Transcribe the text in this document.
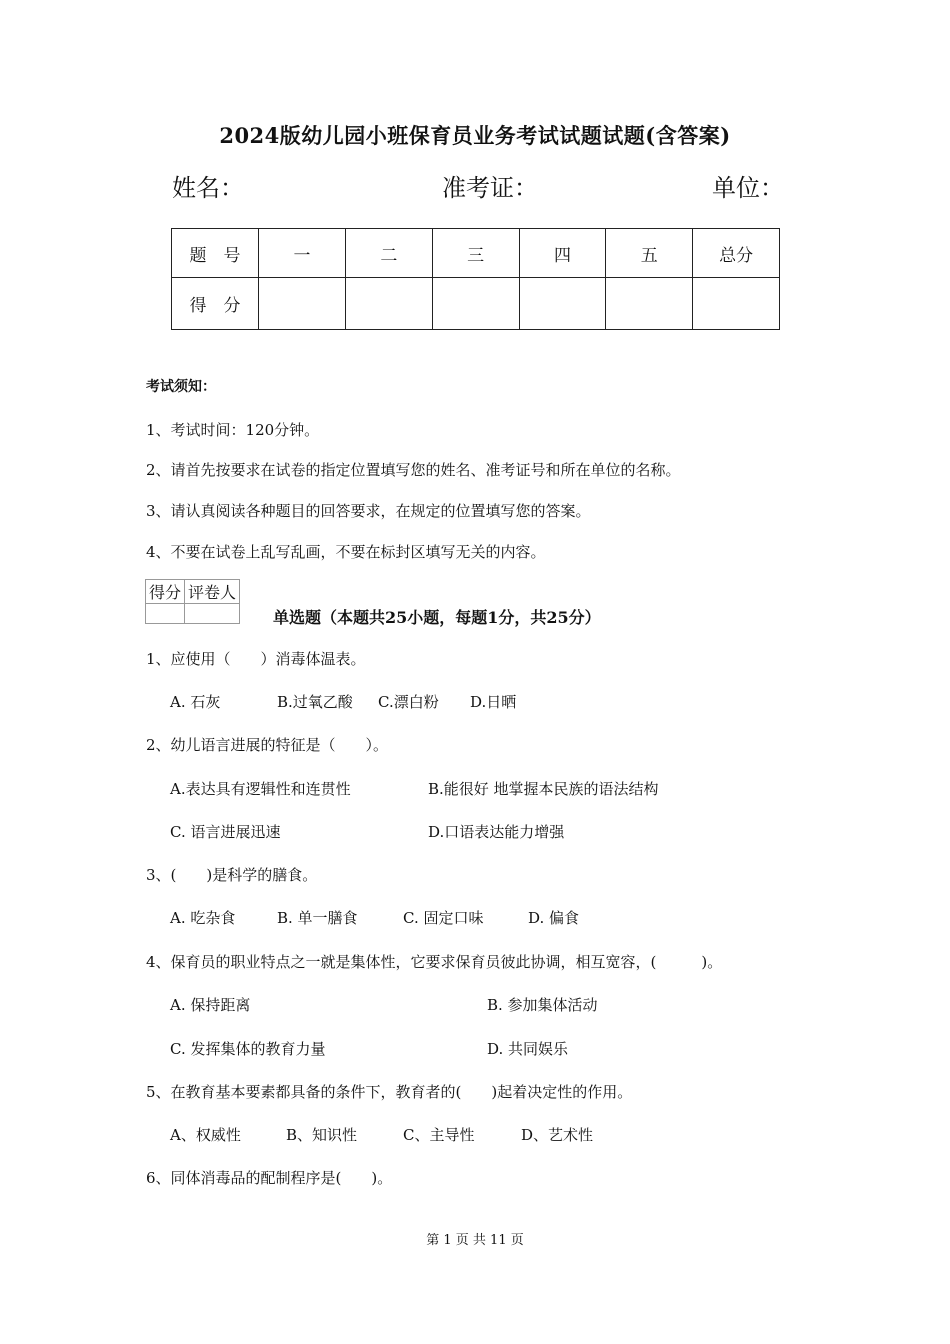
2024版幼儿园小班保育员业务考试试题试题(含答案)
姓名：	准考证：	单位：
题　号	一	二	三	四	五	总分
得　分						
考试须知：
1、考试时间：120分钟。
2、请首先按要求在试卷的指定位置填写您的姓名、准考证号和所在单位的名称。
3、请认真阅读各种题目的回答要求，在规定的位置填写您的答案。
4、不要在试卷上乱写乱画，不要在标封区填写无关的内容。
得分	评卷人

单选题（本题共25小题，每题1分，共25分）
1、应使用（　　）消毒体温表。
A. 石灰	B.过氧乙酸 C.漂白粉 D.日晒
2、幼儿语言进展的特征是（　　）。
A.表达具有逻辑性和连贯性	B.能很好 地掌握本民族的语法结构
C. 语言进展迅速	D.口语表达能力增强
3、(　　)是科学的膳食。
A. 吃杂食	B. 单一膳食	C. 固定口味	D. 偏食
4、保育员的职业特点之一就是集体性，它要求保育员彼此协调，相互宽容，(　　　)。
A. 保持距离	B. 参加集体活动
C. 发挥集体的教育力量	D. 共同娱乐
5、在教育基本要素都具备的条件下，教育者的(　　)起着决定性的作用。
A、权威性	B、知识性	C、主导性	D、艺术性
6、同体消毒品的配制程序是(　　)。
第 1 页 共 11 页
